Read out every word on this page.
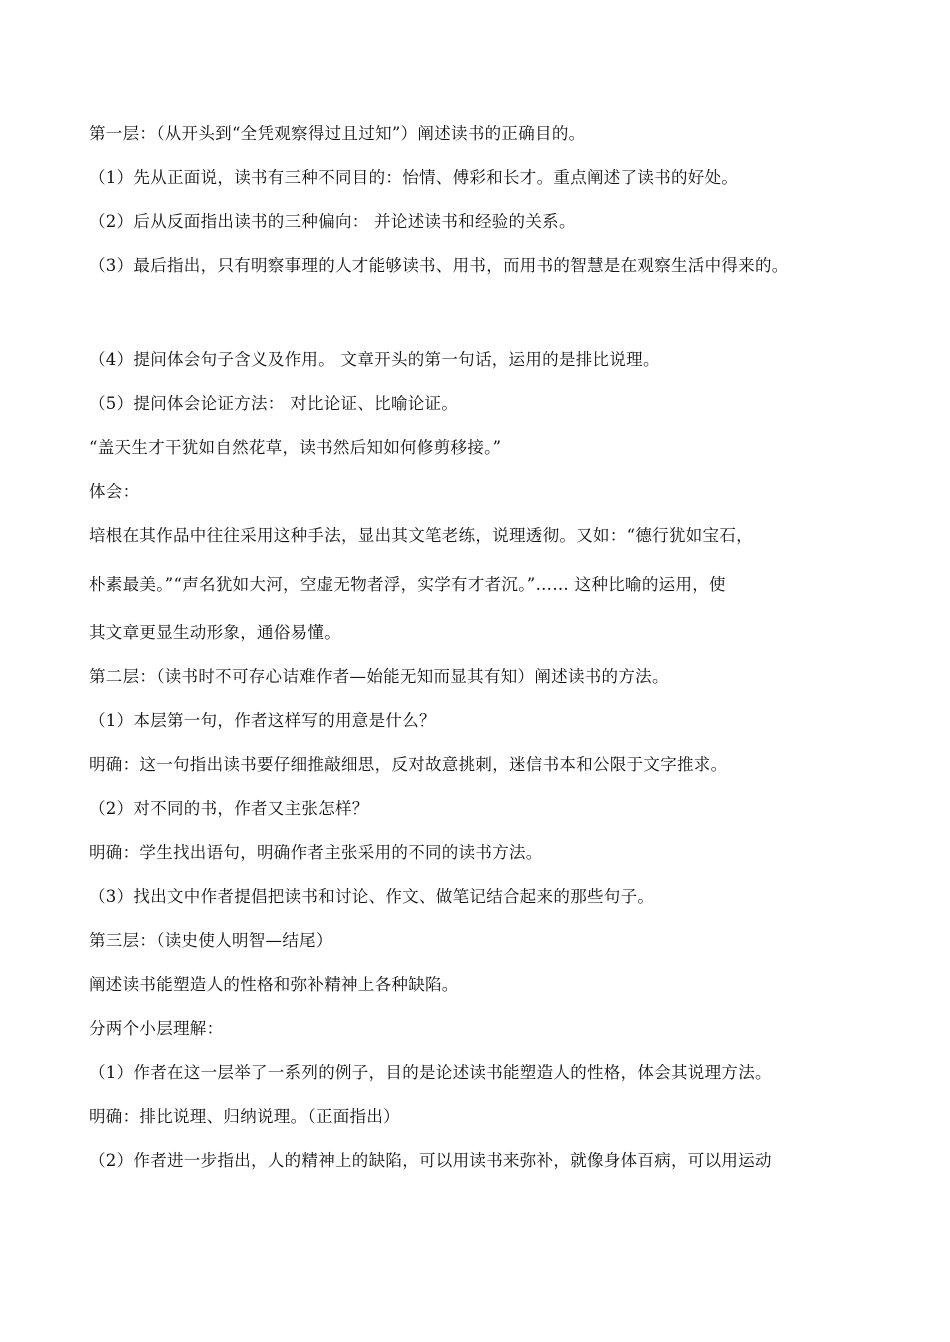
第一层：（从开头到“全凭观察得过且过知”）阐述读书的正确目的。
（1）先从正面说，读书有三种不同目的：怡情、傅彩和长才。重点阐述了读书的好处。
（2）后从反面指出读书的三种偏向： 并论述读书和经验的关系。
（3）最后指出，只有明察事理的人才能够读书、用书，而用书的智慧是在观察生活中得来的。
（4）提问体会句子含义及作用。 文章开头的第一句话，运用的是排比说理。
（5）提问体会论证方法： 对比论证、比喻论证。
“盖天生才干犹如自然花草，读书然后知如何修剪移接。”
体会：
培根在其作品中往往采用这种手法，显出其文笔老练，说理透彻。又如：“德行犹如宝石，
朴素最美。”“声名犹如大河，空虚无物者浮，实学有才者沉。”…… 这种比喻的运用，使
其文章更显生动形象，通俗易懂。
第二层：（读书时不可存心诘难作者—始能无知而显其有知）阐述读书的方法。
（1）本层第一句，作者这样写的用意是什么？
明确：这一句指出读书要仔细推敲细思，反对故意挑刺，迷信书本和公限于文字推求。
（2）对不同的书，作者又主张怎样？
明确：学生找出语句，明确作者主张采用的不同的读书方法。
（3）找出文中作者提倡把读书和讨论、作文、做笔记结合起来的那些句子。
第三层：（读史使人明智—结尾）
阐述读书能塑造人的性格和弥补精神上各种缺陷。
分两个小层理解：
（1）作者在这一层举了一系列的例子，目的是论述读书能塑造人的性格，体会其说理方法。
明确：排比说理、归纳说理。（正面指出）
（2）作者进一步指出，人的精神上的缺陷，可以用读书来弥补，就像身体百病，可以用运动
